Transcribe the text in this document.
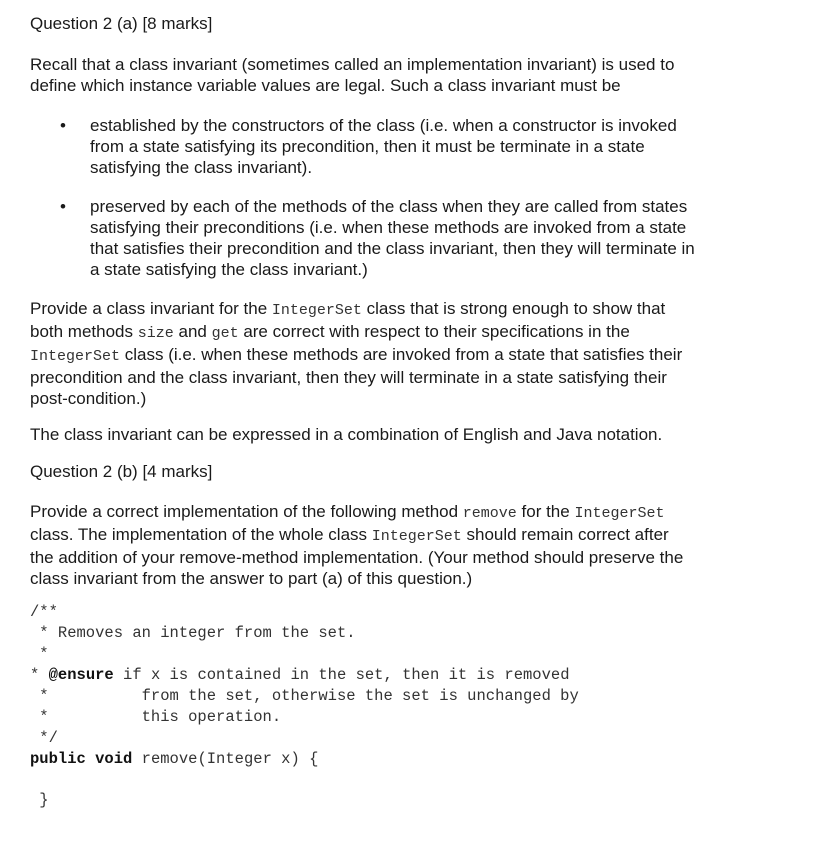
Question 2 (a) [8 marks]
Recall that a class invariant (sometimes called an implementation invariant) is used to
define which instance variable values are legal. Such a class invariant must be
• established by the constructors of the class (i.e. when a constructor is invoked
from a state satisfying its precondition, then it must be terminate in a state
satisfying the class invariant).
• preserved by each of the methods of the class when they are called from states
satisfying their preconditions (i.e. when these methods are invoked from a state
that satisfies their precondition and the class invariant, then they will terminate in
a state satisfying the class invariant.)
Provide a class invariant for the IntegerSet class that is strong enough to show that
both methods size and get are correct with respect to their specifications in the
IntegerSet class (i.e. when these methods are invoked from a state that satisfies their
precondition and the class invariant, then they will terminate in a state satisfying their
post-condition.)
The class invariant can be expressed in a combination of English and Java notation.
Question 2 (b) [4 marks]
Provide a correct implementation of the following method remove for the IntegerSet
class. The implementation of the whole class IntegerSet should remain correct after
the addition of your remove-method implementation. (Your method should preserve the
class invariant from the answer to part (a) of this question.)
/**
* Removes an integer from the set.
*
* @ensure if x is contained in the set, then it is removed
*          from the set, otherwise the set is unchanged by
*          this operation.
*/
public void remove(Integer x) {
}
